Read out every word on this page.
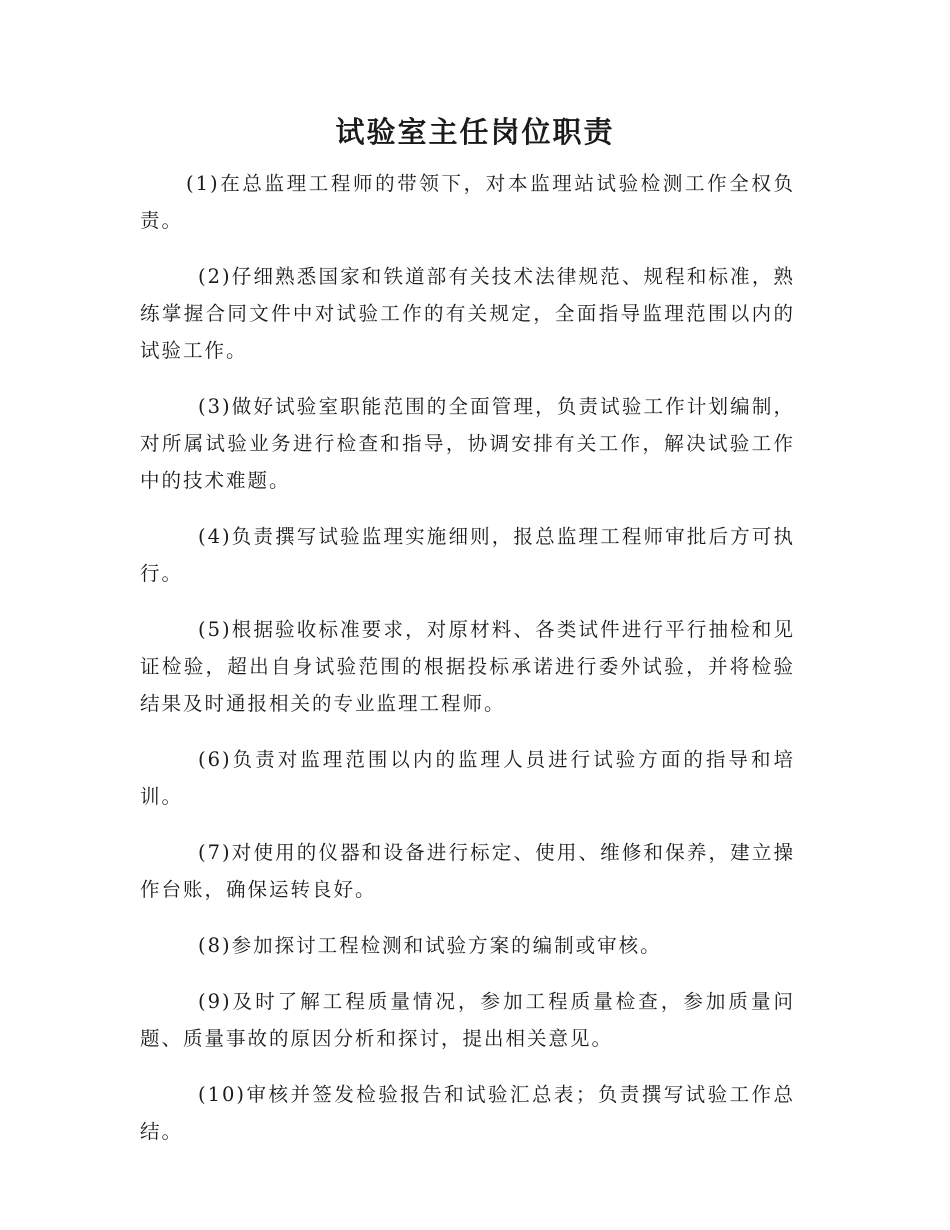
试验室主任岗位职责

(1)在总监理工程师的带领下，对本监理站试验检测工作全权负责。

(2)仔细熟悉国家和铁道部有关技术法律规范、规程和标准，熟练掌握合同文件中对试验工作的有关规定，全面指导监理范围以内的试验工作。

(3)做好试验室职能范围的全面管理，负责试验工作计划编制，对所属试验业务进行检查和指导，协调安排有关工作，解决试验工作中的技术难题。

(4)负责撰写试验监理实施细则，报总监理工程师审批后方可执行。

(5)根据验收标准要求，对原材料、各类试件进行平行抽检和见证检验，超出自身试验范围的根据投标承诺进行委外试验，并将检验结果及时通报相关的专业监理工程师。

(6)负责对监理范围以内的监理人员进行试验方面的指导和培训。

(7)对使用的仪器和设备进行标定、使用、维修和保养，建立操作台账，确保运转良好。

(8)参加探讨工程检测和试验方案的编制或审核。

(9)及时了解工程质量情况，参加工程质量检查，参加质量问题、质量事故的原因分析和探讨，提出相关意见。

(10)审核并签发检验报告和试验汇总表；负责撰写试验工作总结。
